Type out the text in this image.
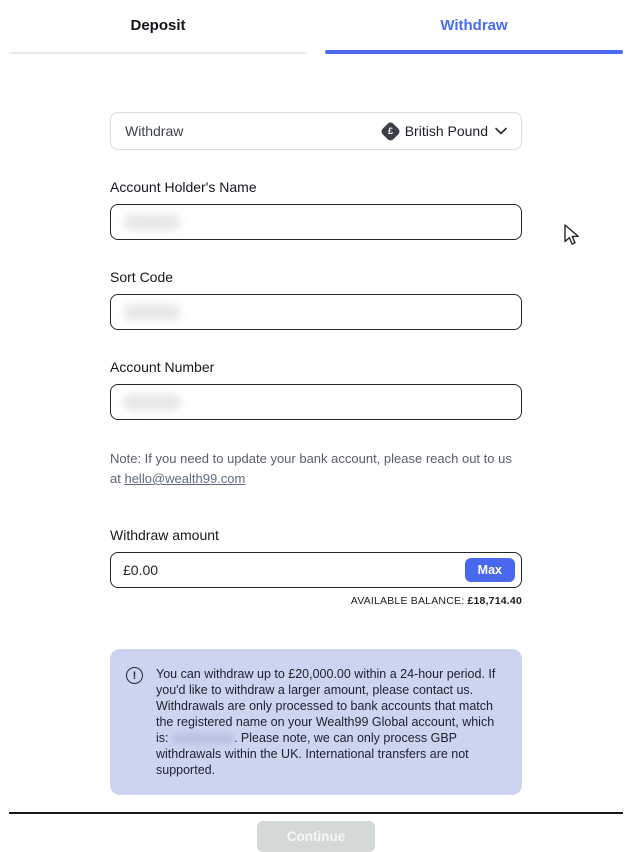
Deposit	Withdraw
Withdraw	£ British Pound
Account Holder's Name
Sort Code
Account Number
Note: If you need to update your bank account, please reach out to us at hello@wealth99.com
Withdraw amount
£0.00	Max
AVAILABLE BALANCE: £18,714.40
!	You can withdraw up to £20,000.00 within a 24-hour period. If you'd like to withdraw a larger amount, please contact us. Withdrawals are only processed to bank accounts that match the registered name on your Wealth99 Global account, which is:	. Please note, we can only process GBP withdrawals within the UK. International transfers are not supported.
Continue
